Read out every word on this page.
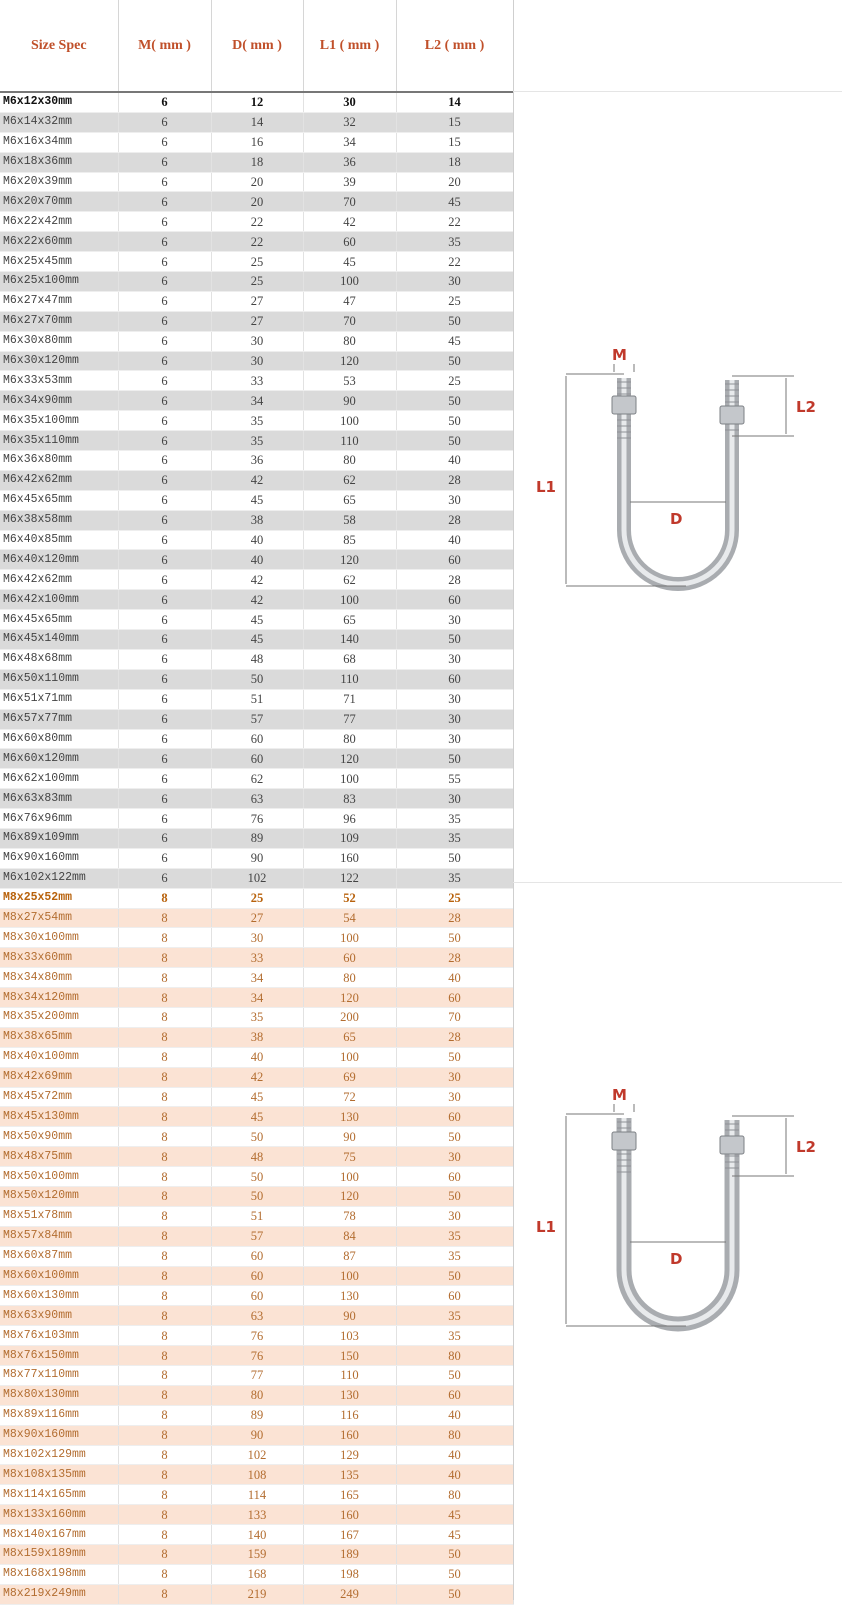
Size Spec	M( mm )	D( mm )	L1 ( mm )	L2 ( mm )
M6x12x30mm	6	12	30	14
M6x14x32mm	6	14	32	15
M6x16x34mm	6	16	34	15
M6x18x36mm	6	18	36	18
M6x20x39mm	6	20	39	20
M6x20x70mm	6	20	70	45
M6x22x42mm	6	22	42	22
M6x22x60mm	6	22	60	35
M6x25x45mm	6	25	45	22
M6x25x100mm	6	25	100	30
M6x27x47mm	6	27	47	25
M6x27x70mm	6	27	70	50
M6x30x80mm	6	30	80	45
M6x30x120mm	6	30	120	50
M6x33x53mm	6	33	53	25
M6x34x90mm	6	34	90	50
M6x35x100mm	6	35	100	50
M6x35x110mm	6	35	110	50
M6x36x80mm	6	36	80	40
M6x42x62mm	6	42	62	28
M6x45x65mm	6	45	65	30
M6x38x58mm	6	38	58	28
M6x40x85mm	6	40	85	40
M6x40x120mm	6	40	120	60
M6x42x62mm	6	42	62	28
M6x42x100mm	6	42	100	60
M6x45x65mm	6	45	65	30
M6x45x140mm	6	45	140	50
M6x48x68mm	6	48	68	30
M6x50x110mm	6	50	110	60
M6x51x71mm	6	51	71	30
M6x57x77mm	6	57	77	30
M6x60x80mm	6	60	80	30
M6x60x120mm	6	60	120	50
M6x62x100mm	6	62	100	55
M6x63x83mm	6	63	83	30
M6x76x96mm	6	76	96	35
M6x89x109mm	6	89	109	35
M6x90x160mm	6	90	160	50
M6x102x122mm	6	102	122	35
M8x25x52mm	8	25	52	25
M8x27x54mm	8	27	54	28
M8x30x100mm	8	30	100	50
M8x33x60mm	8	33	60	28
M8x34x80mm	8	34	80	40
M8x34x120mm	8	34	120	60
M8x35x200mm	8	35	200	70
M8x38x65mm	8	38	65	28
M8x40x100mm	8	40	100	50
M8x42x69mm	8	42	69	30
M8x45x72mm	8	45	72	30
M8x45x130mm	8	45	130	60
M8x50x90mm	8	50	90	50
M8x48x75mm	8	48	75	30
M8x50x100mm	8	50	100	60
M8x50x120mm	8	50	120	50
M8x51x78mm	8	51	78	30
M8x57x84mm	8	57	84	35
M8x60x87mm	8	60	87	35
M8x60x100mm	8	60	100	50
M8x60x130mm	8	60	130	60
M8x63x90mm	8	63	90	35
M8x76x103mm	8	76	103	35
M8x76x150mm	8	76	150	80
M8x77x110mm	8	77	110	50
M8x80x130mm	8	80	130	60
M8x89x116mm	8	89	116	40
M8x90x160mm	8	90	160	80
M8x102x129mm	8	102	129	40
M8x108x135mm	8	108	135	40
M8x114x165mm	8	114	165	80
M8x133x160mm	8	133	160	45
M8x140x167mm	8	140	167	45
M8x159x189mm	8	159	189	50
M8x168x198mm	8	168	198	50
M8x219x249mm	8	219	249	50
M
L2
L1
D
M
L2
L1
D
